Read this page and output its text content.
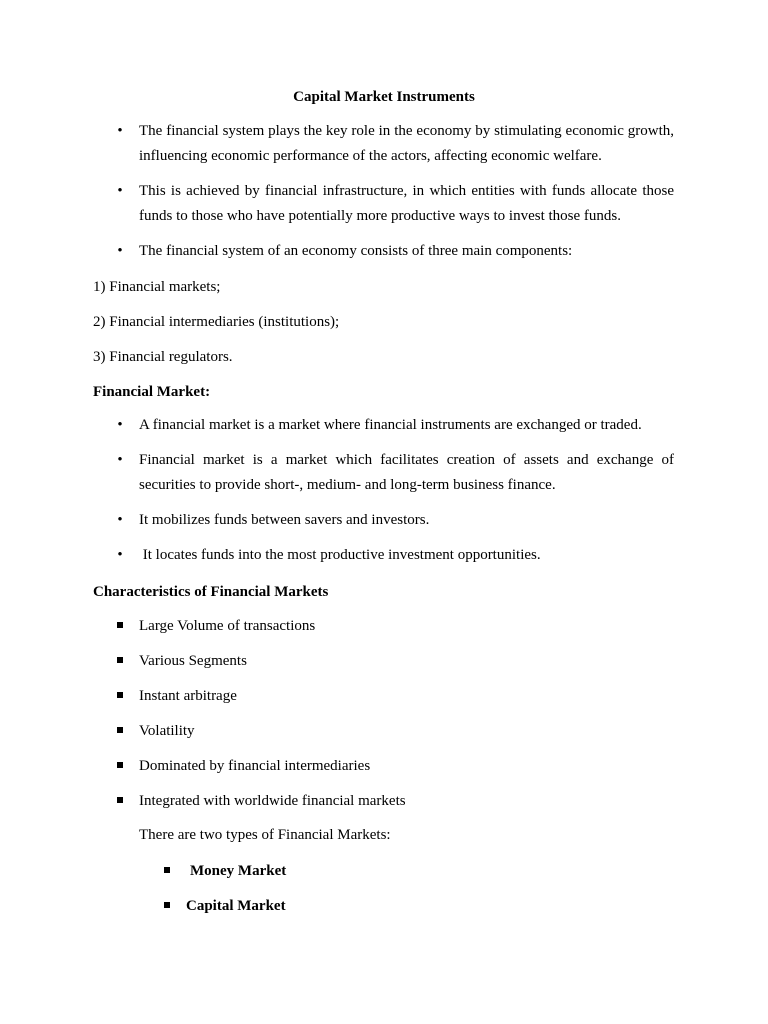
Capital Market Instruments
• The financial system plays the key role in the economy by stimulating economic growth, influencing economic performance of the actors, affecting economic welfare.
• This is achieved by financial infrastructure, in which entities with funds allocate those funds to those who have potentially more productive ways to invest those funds.
• The financial system of an economy consists of three main components:
1) Financial markets;
2) Financial intermediaries (institutions);
3) Financial regulators.
Financial Market:
• A financial market is a market where financial instruments are exchanged or traded.
• Financial market is a market which facilitates creation of assets and exchange of securities to provide short-, medium- and long-term business finance.
• It mobilizes funds between savers and investors.
• It locates funds into the most productive investment opportunities.
Characteristics of Financial Markets
Large Volume of transactions
Various Segments
Instant arbitrage
Volatility
Dominated by financial intermediaries
Integrated with worldwide financial markets
There are two types of Financial Markets:
Money Market
Capital Market
